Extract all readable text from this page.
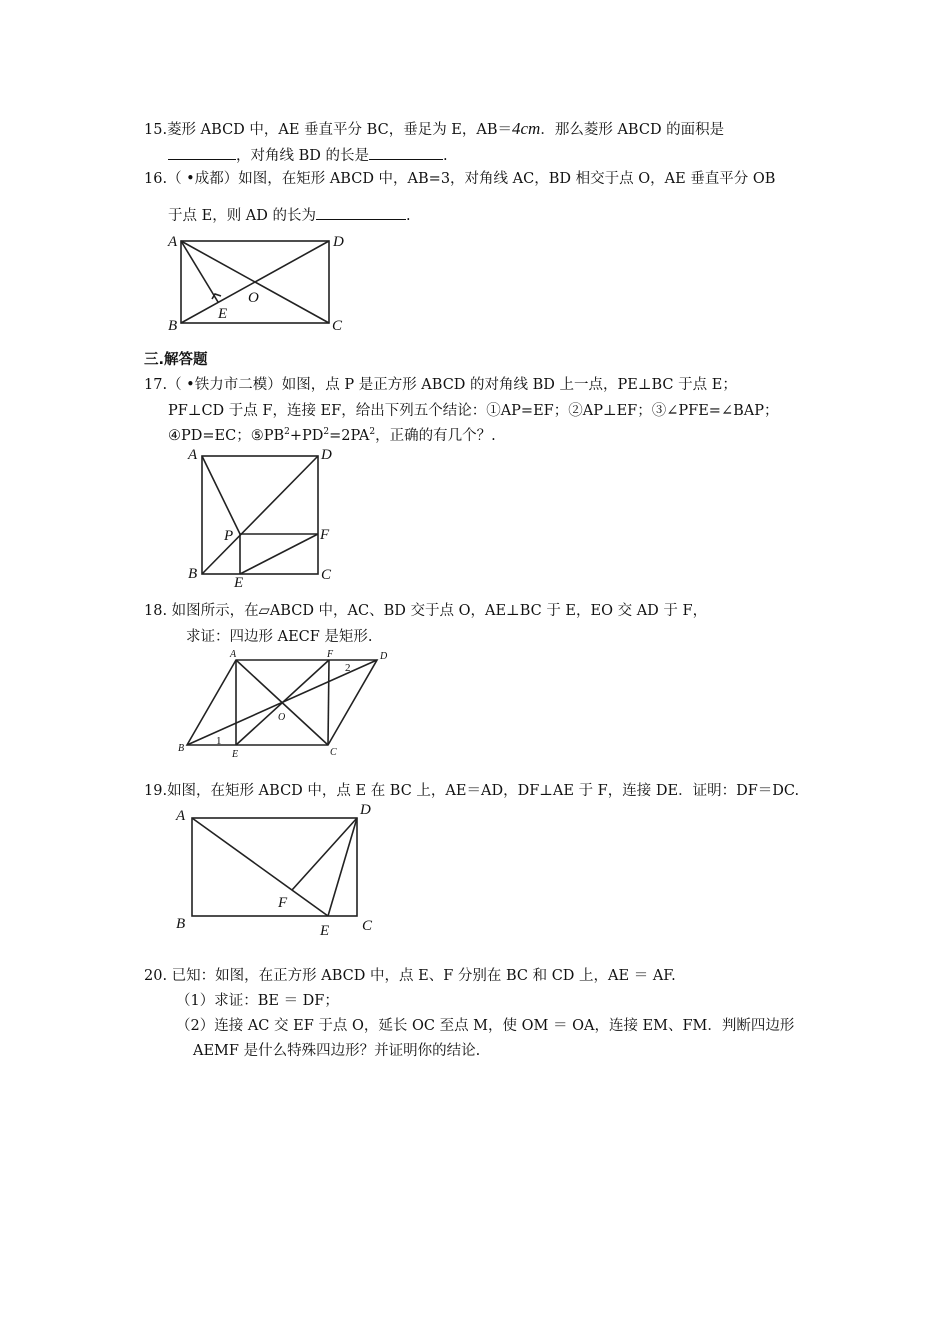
15.菱形 ABCD 中，AE 垂直平分 BC，垂足为 E，AB＝4cm．那么菱形 ABCD 的面积是
，对角线 BD 的长是	.
16.（ •成都）如图，在矩形 ABCD 中，AB=3，对角线 AC，BD 相交于点 O，AE 垂直平分 OB
于点 E，则 AD 的长为	.
A	D
B	C
E
O
三.解答题
17.（ •铁力市二模）如图，点 P 是正方形 ABCD 的对角线 BD 上一点，PE⊥BC 于点 E；
PF⊥CD 于点 F，连接 EF，给出下列五个结论：①AP=EF；②AP⊥EF；③∠PFE=∠BAP；
④PD=EC；$⑤PB^2+PD^2=2PA^2$，正确的有几个？.
A	D
B	C
P	F
E
18. 如图所示，在▱ABCD 中，AC、BD 交于点 O，AE⊥BC 于 E，EO 交 AD 于 F，
求证：四边形 AECF 是矩形.
A	D
B	C
E
F
O
1
2
19.如图，在矩形 ABCD 中，点 E 在 BC 上，AE＝AD，DF⊥AE 于 F，连接 DE．证明：DF＝DC.
A	D
B	C
E
F
20. 已知：如图，在正方形 ABCD 中，点 E、F 分别在 BC 和 CD 上，AE ＝ AF.
（1）求证：BE ＝ DF；
（2）连接 AC 交 EF 于点 O，延长 OC 至点 M，使 OM ＝ OA，连接 EM、FM．判断四边形
AEMF 是什么特殊四边形？并证明你的结论.
